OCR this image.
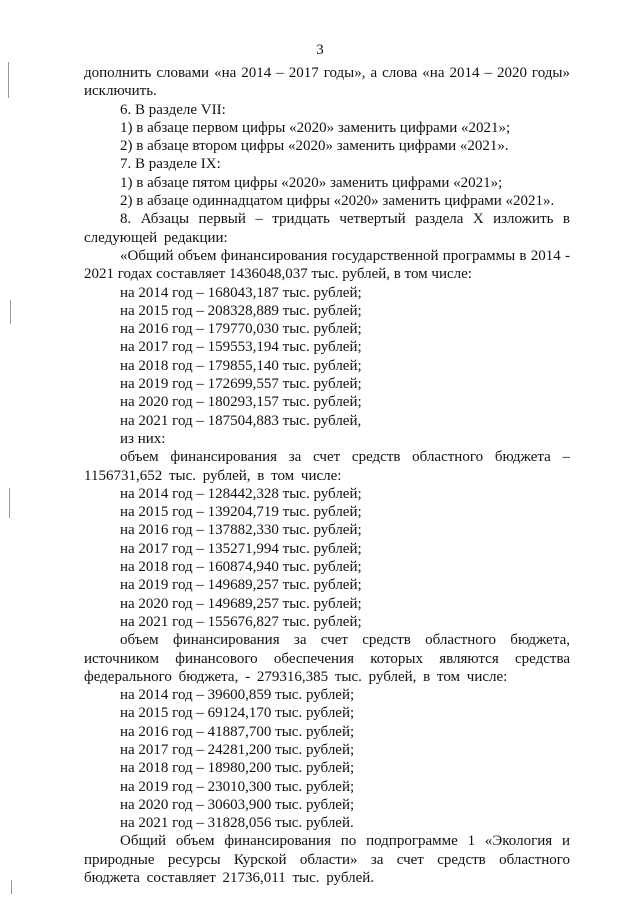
3

дополнить словами «на 2014 – 2017 годы», а слова «на 2014 – 2020 годы» исключить.

6. В разделе VII:
1) в абзаце первом цифры «2020» заменить цифрами «2021»;
2) в абзаце втором цифры «2020» заменить цифрами «2021».
7. В разделе IX:
1) в абзаце пятом цифры «2020» заменить цифрами «2021»;
2) в абзаце одиннадцатом цифры «2020» заменить цифрами «2021».

8. Абзацы первый – тридцать четвертый раздела X изложить в следующей редакции:

«Общий объем финансирования государственной программы в 2014 - 2021 годах составляет 1436048,037 тыс. рублей, в том числе:

на 2014 год – 168043,187 тыс. рублей;
на 2015 год – 208328,889 тыс. рублей;
на 2016 год – 179770,030 тыс. рублей;
на 2017 год – 159553,194 тыс. рублей;
на 2018 год – 179855,140 тыс. рублей;
на 2019 год – 172699,557 тыс. рублей;
на 2020 год – 180293,157 тыс. рублей;
на 2021 год – 187504,883 тыс. рублей,
из них:

объем финансирования за счет средств областного бюджета – 1156731,652 тыс. рублей, в том числе:

на 2014 год – 128442,328 тыс. рублей;
на 2015 год – 139204,719 тыс. рублей;
на 2016 год – 137882,330 тыс. рублей;
на 2017 год – 135271,994 тыс. рублей;
на 2018 год – 160874,940 тыс. рублей;
на 2019 год – 149689,257 тыс. рублей;
на 2020 год – 149689,257 тыс. рублей;
на 2021 год – 155676,827 тыс. рублей;

объем финансирования за счет средств областного бюджета, источником финансового обеспечения которых являются средства федерального бюджета, - 279316,385 тыс. рублей, в том числе:

на 2014 год – 39600,859 тыс. рублей;
на 2015 год – 69124,170 тыс. рублей;
на 2016 год – 41887,700 тыс. рублей;
на 2017 год – 24281,200 тыс. рублей;
на 2018 год – 18980,200 тыс. рублей;
на 2019 год – 23010,300 тыс. рублей;
на 2020 год – 30603,900 тыс. рублей;
на 2021 год – 31828,056 тыс. рублей.

Общий объем финансирования по подпрограмме 1 «Экология и природные ресурсы Курской области» за счет средств областного бюджета составляет 21736,011 тыс. рублей.
